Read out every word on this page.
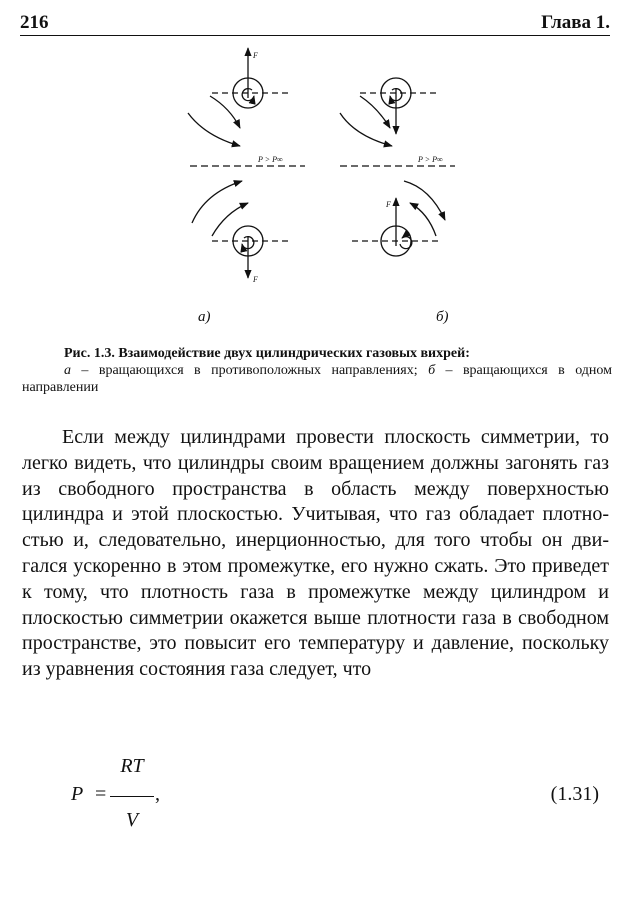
216	Глава 1.
F
F
F
P > P∞	P > P∞
а)	б)
Рис. 1.3. Взаимодействие двух цилиндрических газовых вихрей:
а – вращающихся в противоположных направлениях; б – вращающихся в одном направлении

Если между цилиндрами провести плоскость симметрии, то легко видеть, что цилиндры своим вращением должны загонять газ из свободного пространства в область между поверхностью цилиндра и этой плоскостью. Учитывая, что газ обладает плотностью и, следовательно, инерционностью, для того чтобы он двигался ускоренно в этом промежутке, его нужно сжать. Это приведет к тому, что плотность газа в промежутке между цилиндром и плоскостью симметрии окажется выше плотности газа в свободном пространстве, это повысит его температуру и давление, поскольку из уравнения состояния газа следует, что

P =
RT
,
V
(1.31)
